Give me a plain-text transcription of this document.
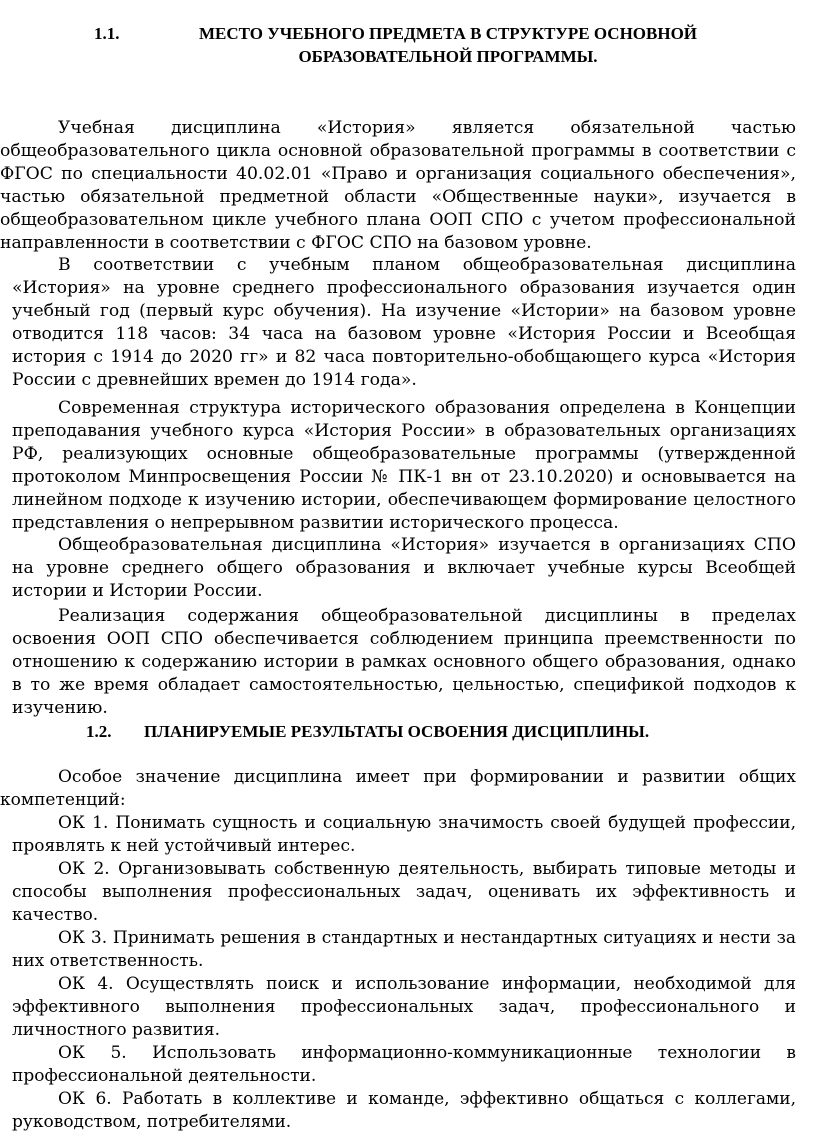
1.1.	МЕСТО УЧЕБНОГО ПРЕДМЕТА В СТРУКТУРЕ ОСНОВНОЙ ОБРАЗОВАТЕЛЬНОЙ ПРОГРАММЫ.

Учебная дисциплина «История» является обязательной частью общеобразовательного цикла основной образовательной программы в соответствии с ФГОС по специальности 40.02.01 «Право и организация социального обеспечения», частью обязательной предметной области «Общественные науки», изучается в общеобразовательном цикле учебного плана ООП СПО с учетом профессиональной направленности в соответствии с ФГОС СПО на базовом уровне.

В соответствии с учебным планом общеобразовательная дисциплина «История» на уровне среднего профессионального образования изучается один учебный год (первый курс обучения). На изучение «Истории» на базовом уровне отводится 118 часов: 34 часа на базовом уровне «История России и Всеобщая история с 1914 до 2020 гг» и 82 часа повторительно-обобщающего курса «История России с древнейших времен до 1914 года».

Современная структура исторического образования определена в Концепции преподавания учебного курса «История России» в образовательных организациях РФ, реализующих основные общеобразовательные программы (утвержденной протоколом Минпросвещения России № ПК-1 вн от 23.10.2020) и основывается на линейном подходе к изучению истории, обеспечивающем формирование целостного представления о непрерывном развитии исторического процесса.

Общеобразовательная дисциплина «История» изучается в организациях СПО на уровне среднего общего образования и включает учебные курсы Всеобщей истории и Истории России.

Реализация содержания общеобразовательной дисциплины в пределах освоения ООП СПО обеспечивается соблюдением принципа преемственности по отношению к содержанию истории в рамках основного общего образования, однако в то же время обладает самостоятельностью, цельностью, спецификой подходов к изучению.

1.2. ПЛАНИРУЕМЫЕ РЕЗУЛЬТАТЫ ОСВОЕНИЯ ДИСЦИПЛИНЫ.

Особое значение дисциплина имеет при формировании и развитии общих компетенций:

ОК 1. Понимать сущность и социальную значимость своей будущей профессии, проявлять к ней устойчивый интерес.

ОК 2. Организовывать собственную деятельность, выбирать типовые методы и способы выполнения профессиональных задач, оценивать их эффективность и качество.

ОК 3. Принимать решения в стандартных и нестандартных ситуациях и нести за них ответственность.

ОК 4. Осуществлять поиск и использование информации, необходимой для эффективного выполнения профессиональных задач, профессионального и личностного развития.

ОК 5. Использовать информационно-коммуникационные технологии в профессиональной деятельности.

ОК 6. Работать в коллективе и команде, эффективно общаться с коллегами, руководством, потребителями.
